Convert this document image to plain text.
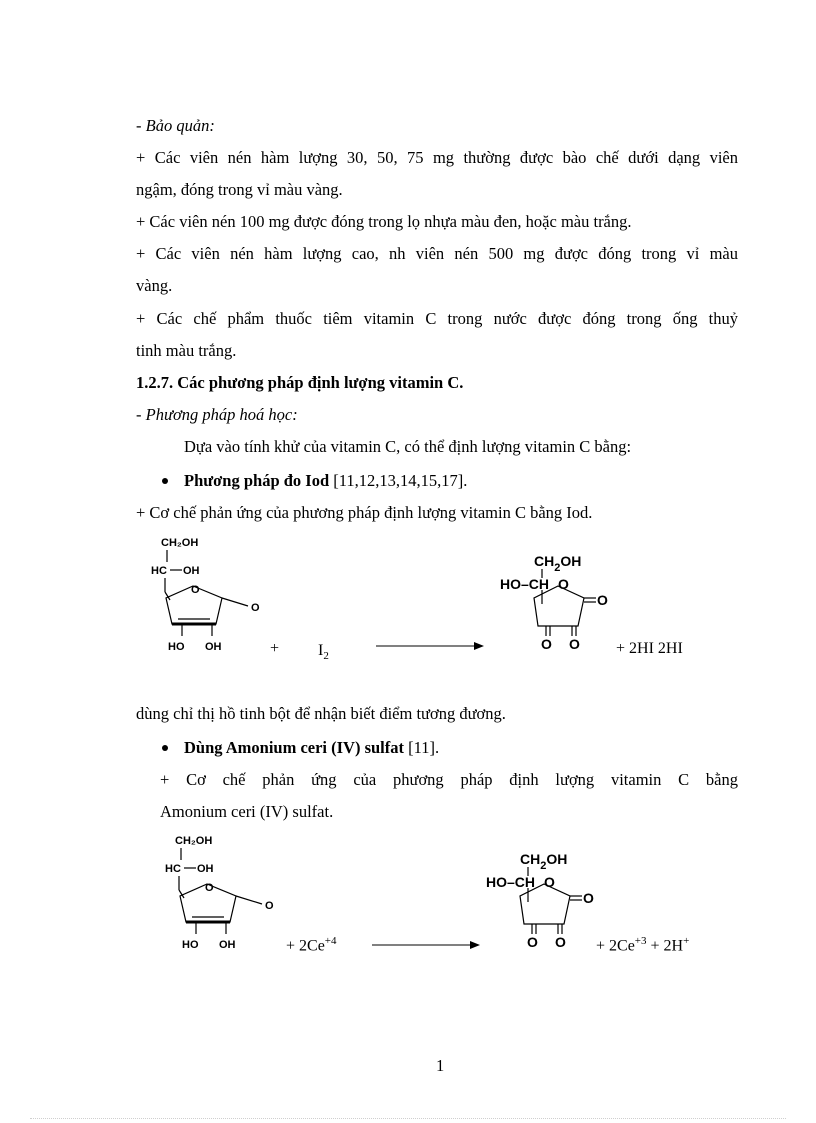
- Bảo quản:
+ Các viên nén hàm lượng 30, 50, 75 mg thường được bào chế dưới dạng viên
ngậm, đóng trong vỉ màu vàng.
+ Các viên nén 100 mg được đóng trong lọ nhựa màu đen, hoặc màu trắng.
+ Các viên nén hàm lượng cao, nh viên nén 500 mg được đóng trong vỉ màu
vàng.
+ Các chế phẩm thuốc tiêm vitamin C trong nước được đóng trong ống thuỷ
tinh màu trắng.
1.2.7. Các phương pháp định lượng vitamin C.
- Phương pháp hoá học:
Dựa vào tính khử của vitamin C, có thể định lượng vitamin C bằng:
Phương pháp đo Iod [11,12,13,14,15,17].
+ Cơ chế phản ứng của phương pháp định lượng vitamin C bằng Iod.
CH₂OH
HC OH
O
O
HO OH	+ $I_2$
$CH_2OH$
HO–CH O
O
O O + 2HI 2HI
dùng chỉ thị hồ tinh bột để nhận biết điểm tương đương.
Dùng Amonium ceri (IV) sulfat [11].
+ Cơ chế phản ứng của phương pháp định lượng vitamin C bằng
Amonium ceri (IV) sulfat.
CH₂OH
HC OH
O
O
HO OH	+ $2Ce^{+4}$
$CH_2OH$
HO–CH O
O
O $O + 2Ce^{+3} + 2H^+$
1
